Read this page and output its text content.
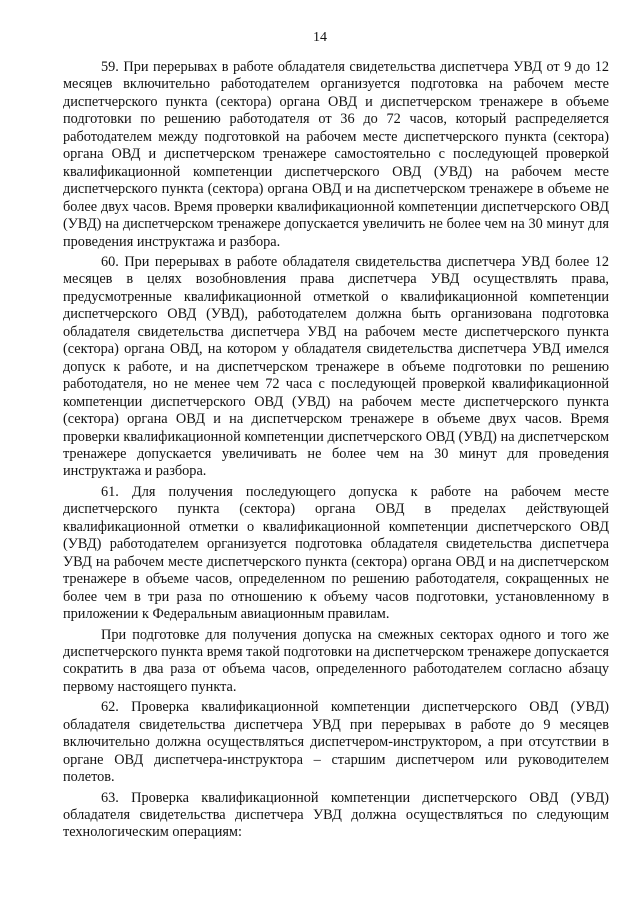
14

59. При перерывах в работе обладателя свидетельства диспетчера УВД от 9 до 12 месяцев включительно работодателем организуется подготовка на рабочем месте диспетчерского пункта (сектора) органа ОВД и диспетчерском тренажере в объеме подготовки по решению работодателя от 36 до 72 часов, который распределяется работодателем между подготовкой на рабочем месте диспетчерского пункта (сектора) органа ОВД и диспетчерском тренажере самостоятельно с последующей проверкой квалификационной компетенции диспетчерского ОВД (УВД) на рабочем месте диспетчерского пункта (сектора) органа ОВД и на диспетчерском тренажере в объеме не более двух часов. Время проверки квалификационной компетенции диспетчерского ОВД (УВД) на диспетчерском тренажере допускается увеличить не более чем на 30 минут для проведения инструктажа и разбора.

60. При перерывах в работе обладателя свидетельства диспетчера УВД более 12 месяцев в целях возобновления права диспетчера УВД осуществлять права, предусмотренные квалификационной отметкой о квалификационной компетенции диспетчерского ОВД (УВД), работодателем должна быть организована подготовка обладателя свидетельства диспетчера УВД на рабочем месте диспетчерского пункта (сектора) органа ОВД, на котором у обладателя свидетельства диспетчера УВД имелся допуск к работе, и на диспетчерском тренажере в объеме подготовки по решению работодателя, но не менее чем 72 часа с последующей проверкой квалификационной компетенции диспетчерского ОВД (УВД) на рабочем месте диспетчерского пункта (сектора) органа ОВД и на диспетчерском тренажере в объеме двух часов. Время проверки квалификационной компетенции диспетчерского ОВД (УВД) на диспетчерском тренажере допускается увеличивать не более чем на 30 минут для проведения инструктажа и разбора.

61. Для получения последующего допуска к работе на рабочем месте диспетчерского пункта (сектора) органа ОВД в пределах действующей квалификационной отметки о квалификационной компетенции диспетчерского ОВД (УВД) работодателем организуется подготовка обладателя свидетельства диспетчера УВД на рабочем месте диспетчерского пункта (сектора) органа ОВД и на диспетчерском тренажере в объеме часов, определенном по решению работодателя, сокращенных не более чем в три раза по отношению к объему часов подготовки, установленному в приложении к Федеральным авиационным правилам.

При подготовке для получения допуска на смежных секторах одного и того же диспетчерского пункта время такой подготовки на диспетчерском тренажере допускается сократить в два раза от объема часов, определенного работодателем согласно абзацу первому настоящего пункта.

62. Проверка квалификационной компетенции диспетчерского ОВД (УВД) обладателя свидетельства диспетчера УВД при перерывах в работе до 9 месяцев включительно должна осуществляться диспетчером-инструктором, а при отсутствии в органе ОВД диспетчера-инструктора – старшим диспетчером или руководителем полетов.

63. Проверка квалификационной компетенции диспетчерского ОВД (УВД) обладателя свидетельства диспетчера УВД должна осуществляться по следующим технологическим операциям:
